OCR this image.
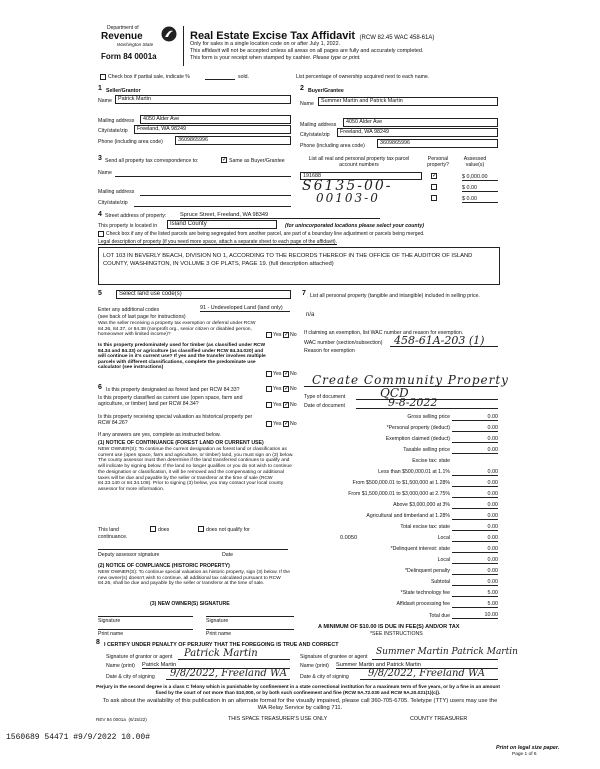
Department of
Revenue
Washington State
Form 84 0001a
Real Estate Excise Tax Affidavit (RCW 82.45 WAC 458-61A)
Only for sales in a single location code on or after July 1, 2022.
This affidavit will not be accepted unless all areas on all pages are fully and accurately completed.
This form is your receipt when stamped by cashier. Please type or print.
Check box if partial sale, indicate %	sold.	List percentage of ownership acquired next to each name.
1 Seller/Grantor
Name	Patrick Martin
Mailing address	4050 Alder Ave
City/state/zip	Freeland, WA 98249
Phone (including area code)	3609865996
2 Buyer/Grantee
Name	Summer Martin and Patrick Martin
Mailing address	4050 Alder Ave
City/state/zip	Freeland, WA 98249
Phone (including area code)	3609865996
3 Send all property tax correspondence to:	✓ Same as Buyer/Grantee
Name
Mailing address
City/state/zip
List all real and personal property tax parcel account numbers
Personal property?
Assessed value(s)
191688	✓	$ 0,000.00
$ 0.00
$ 0.00
S6135-00-
00103-0
4 Street address of property: Spruce Street, Freeland, WA 98349
This property is located in	Island County	(for unincorporated locations please select your county)
Check box if any of the listed parcels are being segregated from another parcel, are part of a boundary line adjustment or parcels being merged.
Legal description of property (if you need more space, attach a separate sheet to each page of the affidavit).
LOT 103 IN BEVERLY BEACH, DIVISION NO 1, ACCORDING TO THE RECORDS THEREOF IN THE OFFICE OF THE AUDITOR OF ISLAND COUNTY, WASHINGTON, IN VOLUME 3 OF PLATS, PAGE 19. (full description attached)
5	Select land use code(s)
Enter any additional codes	91 - Undeveloped Land (land only)
(see back of last page for instructions)
Was the seller receiving a property tax exemption or deferral under RCW 84.36, 84.37, or 84.38 (nonprofit org., senior citizen or disabled person, homeowner with limited income)?	Yes ✓ No
Is this property predominately used for timber (as classified under RCW 84.34 and 84.33) or agriculture (as classified under RCW 84.34.020) and will continue in it's current use? If yes and the transfer involves multiple parcels with different classifications, complete the predominate use calculator (see instructions)
Yes ✓ No
6 Is this property designated as forest land per RCW 84.33?	Yes ✓ No
Is this property classified as current use (open space, farm and agriculture, or timber) land per RCW 84.34?	Yes ✓ No
Is this property receiving special valuation as historical property per RCW 84.26?	Yes ✓ No
If any answers are yes, complete as instructed below.
(1) NOTICE OF CONTINUANCE (FOREST LAND OR CURRENT USE)
NEW OWNER(S): To continue the current designation as forest land or classification as current use (open space, farm and agriculture, or timber) land, you must sign on (3) below. The county assessor must then determine if the land transferred continues to qualify and will indicate by signing below. If the land no longer qualifies or you do not wish to continue the designation or classification, it will be removed and the compensating or additional taxes will be due and payable by the seller or transferor at the time of sale (RCW 84.33.140 or 84.34.108). Prior to signing (3) below, you may contact your local county assessor for more information.
This land	does	does not qualify for
continuance.
Deputy assessor signature	Date
(2) NOTICE OF COMPLIANCE (HISTORIC PROPERTY)
NEW OWNER(S): To continue special valuation as historic property, sign (3) below. If the new owner(s) doesn't wish to continue, all additional tax calculated pursuant to RCW 84.26, shall be due and payable by the seller or transferor at the time of sale.
(3) NEW OWNER(S) SIGNATURE
Signature	Signature
Print name	Print name
7 List all personal property (tangible and intangible) included in selling price.
n/a
If claiming an exemption, list WAC number and reason for exemption.
WAC number (section/subsection) 458-61A-203 (1)
Reason for exemption
Create Community Property
Type of document	QCD
Date of document	9-8-2022
Gross selling price	0.00
*Personal property (deduct)	0.00
Exemption claimed (deduct)	0.00
Taxable selling price	0.00
Excise tax: state
Less than $500,000.01 at 1.1%	0.00
From $500,000.01 to $1,500,000 at 1.28%	0.00
From $1,500,000.01 to $3,000,000 at 2.75%	0.00
Above $3,000,000 at 3%	0.00
Agricultural and timberland at 1.28%	0.00
Total excise tax: state	0.00
0.0050	Local	0.00
*Delinquent interest: state	0.00
Local	0.00
*Delinquent penalty	0.00
Subtotal	0.00
*State technology fee	5.00
Affidavit processing fee	5.00
Total due	10.00
A MINIMUM OF $10.00 IS DUE IN FEE(S) AND/OR TAX
*SEE INSTRUCTIONS
8 I CERTIFY UNDER PENALTY OF PERJURY THAT THE FOREGOING IS TRUE AND CORRECT
Signature of grantor or agent Patrick Martin
Name (print) Patrick Martin
Date & city of signing 9/8/2022, Freeland WA
Signature of grantee or agent Summer Martin Patrick Martin
Name (print) Summer Martin and Patrick Martin
Date & city of signing 9/8/2022, Freeland WA
Perjury in the second degree is a class C felony which is punishable by confinement in a state correctional institution for a maximum term of five years, or by a fine in an amount fixed by the court of not more than $10,000, or by both such confinement and fine (RCW 9A.72.030 and RCW 9A.20.021(1)(c)).
To ask about the availability of this publication in an alternate format for the visually impaired, please call 360-705-6705. Teletype (TTY) users may use the WA Relay Service by calling 711.
REV 84 0001a (6/15/22)	THIS SPACE TREASURER'S USE ONLY	COUNTY TREASURER
1560689 54471 #9/9/2022 10.00#
Print on legal size paper.
Page 1 of 6
